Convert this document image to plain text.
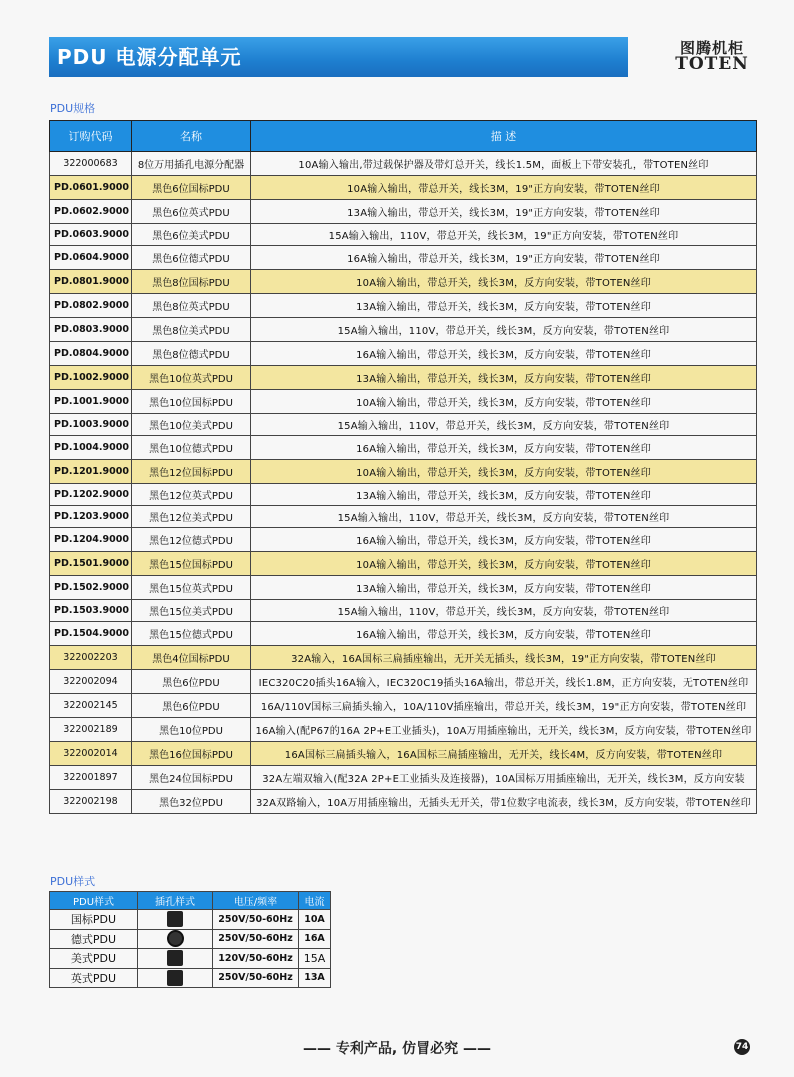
PDU 电源分配单元	图腾机柜
TOTEN
PDU规格
订购代码	名称	描 述
322000683	8位万用插孔电源分配器	10A输入输出,带过载保护器及带灯总开关，线长1.5M，面板上下带安装孔，带TOTEN丝印
PD.0601.9000	黑色6位国标PDU	10A输入输出，带总开关，线长3M，19"正方向安装，带TOTEN丝印
PD.0602.9000	黑色6位英式PDU	13A输入输出，带总开关，线长3M，19"正方向安装，带TOTEN丝印
PD.0603.9000	黑色6位美式PDU	15A输入输出，110V，带总开关，线长3M，19"正方向安装，带TOTEN丝印
PD.0604.9000	黑色6位德式PDU	16A输入输出，带总开关，线长3M，19"正方向安装，带TOTEN丝印
PD.0801.9000	黑色8位国标PDU	10A输入输出，带总开关，线长3M，反方向安装，带TOTEN丝印
PD.0802.9000	黑色8位英式PDU	13A输入输出，带总开关，线长3M，反方向安装，带TOTEN丝印
PD.0803.9000	黑色8位美式PDU	15A输入输出，110V，带总开关，线长3M，反方向安装，带TOTEN丝印
PD.0804.9000	黑色8位德式PDU	16A输入输出，带总开关，线长3M，反方向安装，带TOTEN丝印
PD.1002.9000	黑色10位英式PDU	13A输入输出，带总开关，线长3M，反方向安装，带TOTEN丝印
PD.1001.9000	黑色10位国标PDU	10A输入输出，带总开关，线长3M，反方向安装，带TOTEN丝印
PD.1003.9000	黑色10位美式PDU	15A输入输出，110V，带总开关，线长3M，反方向安装，带TOTEN丝印
PD.1004.9000	黑色10位德式PDU	16A输入输出，带总开关，线长3M，反方向安装，带TOTEN丝印
PD.1201.9000	黑色12位国标PDU	10A输入输出，带总开关，线长3M，反方向安装，带TOTEN丝印
PD.1202.9000	黑色12位英式PDU	13A输入输出，带总开关，线长3M，反方向安装，带TOTEN丝印
PD.1203.9000	黑色12位美式PDU	15A输入输出，110V，带总开关，线长3M，反方向安装，带TOTEN丝印
PD.1204.9000	黑色12位德式PDU	16A输入输出，带总开关，线长3M，反方向安装，带TOTEN丝印
PD.1501.9000	黑色15位国标PDU	10A输入输出，带总开关，线长3M，反方向安装，带TOTEN丝印
PD.1502.9000	黑色15位英式PDU	13A输入输出，带总开关，线长3M，反方向安装，带TOTEN丝印
PD.1503.9000	黑色15位美式PDU	15A输入输出，110V，带总开关，线长3M，反方向安装，带TOTEN丝印
PD.1504.9000	黑色15位德式PDU	16A输入输出，带总开关，线长3M，反方向安装，带TOTEN丝印
322002203	黑色4位国标PDU	32A输入，16A国标三扁插座输出，无开关无插头，线长3M，19"正方向安装，带TOTEN丝印
322002094	黑色6位PDU	IEC320C20插头16A输入，IEC320C19插头16A输出，带总开关，线长1.8M，正方向安装，无TOTEN丝印
322002145	黑色6位PDU	16A/110V国标三扁插头输入，10A/110V插座输出，带总开关，线长3M，19"正方向安装，带TOTEN丝印
322002189	黑色10位PDU	16A输入(配P67的16A 2P+E工业插头)，10A万用插座输出，无开关，线长3M，反方向安装，带TOTEN丝印
322002014	黑色16位国标PDU	16A国标三扁插头输入，16A国标三扁插座输出，无开关，线长4M，反方向安装，带TOTEN丝印
322001897	黑色24位国标PDU	32A左端双输入(配32A 2P+E工业插头及连接器)，10A国标万用插座输出，无开关，线长3M，反方向安装
322002198	黑色32位PDU	32A双路输入，10A万用插座输出，无插头无开关，带1位数字电流表，线长3M，反方向安装，带TOTEN丝印
PDU样式
PDU样式	插孔样式	电压/频率	电流
国标PDU		250V/50-60Hz	10A
德式PDU		250V/50-60Hz	16A
美式PDU		120V/50-60Hz	15A
英式PDU		250V/50-60Hz	13A
—— 专利产品, 仿冒必究 ——	74
